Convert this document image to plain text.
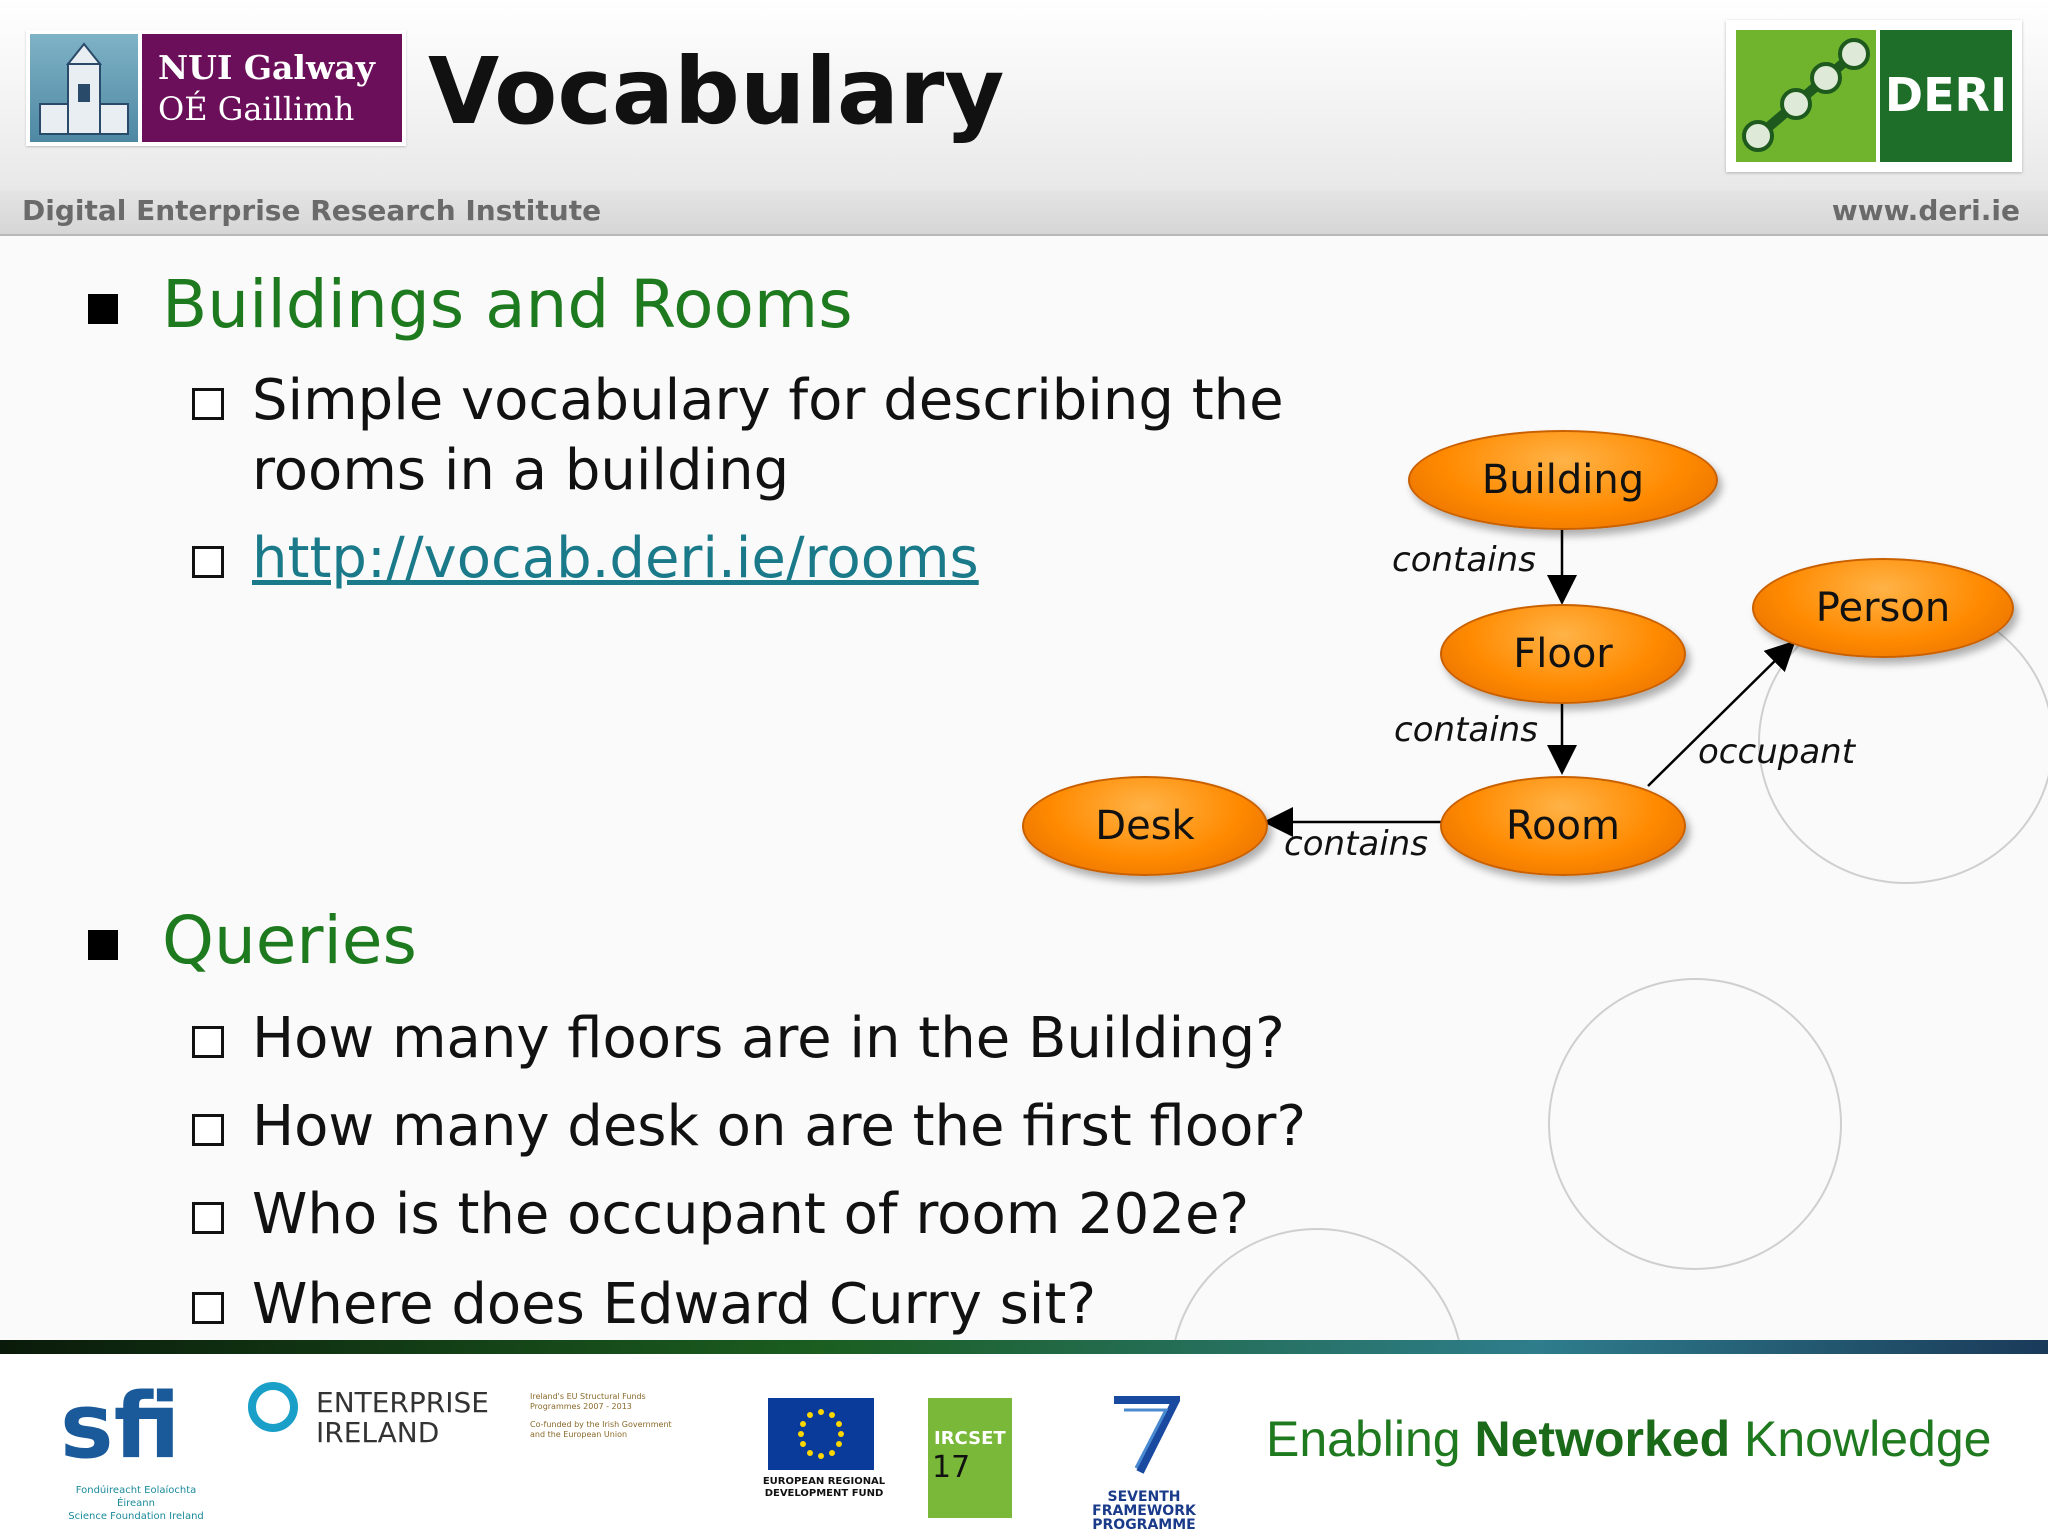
NUI Galway
OÉ Gaillimh Vocabulary	DERI
Digital Enterprise Research Institute	www.deri.ie
Buildings and Rooms
Simple vocabulary for describing the
rooms in a building
http://vocab.deri.ie/rooms
Building
Floor
Room
Desk
Person
contains
contains
contains
occupant
Queries
How many floors are in the Building?
How many desk on are the first floor?
Who is the occupant of room 202e?
Where does Edward Curry sit?
sfi
Fondúireacht Eolaíochta Éireann
Science Foundation Ireland
ENTERPRISE
IRELAND
Ireland's EU Structural Funds
Programmes 2007 - 2013
Co-funded by the Irish Government
and the European Union
EUROPEAN REGIONAL
DEVELOPMENT FUND
IRCSET
17
SEVENTH FRAMEWORK
PROGRAMME
Enabling Networked Knowledge
